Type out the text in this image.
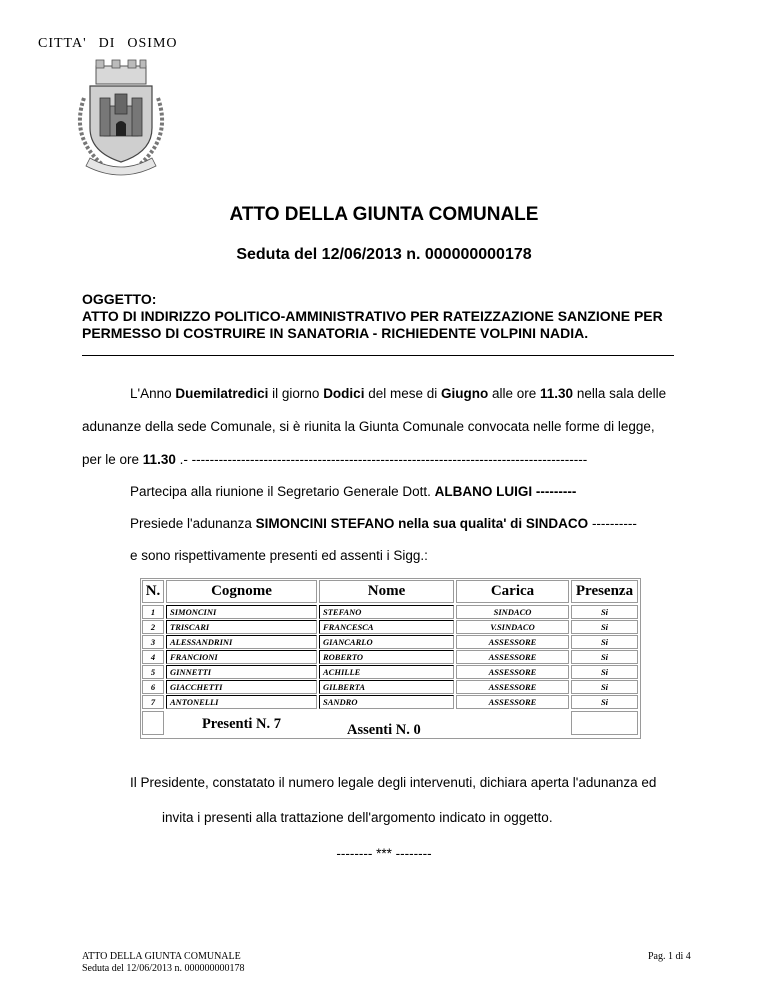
CITTA' DI OSIMO
ATTO DELLA GIUNTA COMUNALE
Seduta del 12/06/2013 n. 000000000178
OGGETTO:
ATTO DI INDIRIZZO POLITICO-AMMINISTRATIVO PER RATEIZZAZIONE SANZIONE PER PERMESSO DI COSTRUIRE IN SANATORIA - RICHIEDENTE VOLPINI NADIA.
L'Anno Duemilatredici il giorno Dodici del mese di Giugno alle ore 11.30 nella sala delle
adunanze della sede Comunale, si è riunita la Giunta Comunale convocata nelle forme di legge,
per le ore 11.30 .- ----------------------------------------------------------------------------------------
Partecipa alla riunione il Segretario Generale Dott. ALBANO LUIGI ---------
Presiede l'adunanza SIMONCINI STEFANO nella sua qualita' di SINDACO ----------
e sono rispettivamente presenti ed assenti i Sigg.:
N.	Cognome	Nome	Carica	Presenza
1	SIMONCINI	STEFANO	SINDACO	Si
2	TRISCARI	FRANCESCA	V.SINDACO	Si
3	ALESSANDRINI	GIANCARLO	ASSESSORE	Si
4	FRANCIONI	ROBERTO	ASSESSORE	Si
5	GINNETTI	ACHILLE	ASSESSORE	Si
6	GIACCHETTI	GILBERTA	ASSESSORE	Si
7	ANTONELLI	SANDRO	ASSESSORE	Si
Presenti N. 7	Assenti N. 0
Il Presidente, constatato il numero legale degli intervenuti, dichiara aperta l'adunanza ed
invita i presenti alla trattazione dell'argomento indicato in oggetto.
-------- *** --------
ATTO DELLA GIUNTA COMUNALE
Seduta del 12/06/2013 n. 000000000178
Pag. 1 di 4
